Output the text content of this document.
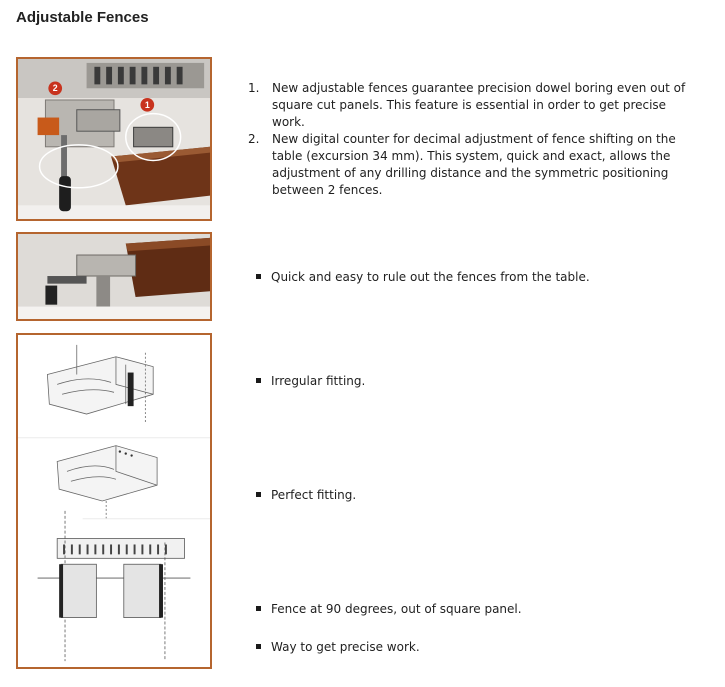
Adjustable Fences
2
1
1. New adjustable fences guarantee precision dowel boring even out of square cut panels. This feature is essential in order to get precise work.
2. New digital counter for decimal adjustment of fence shifting on the table (excursion 34 mm). This system, quick and exact, allows the adjustment of any drilling distance and the symmetric positioning between 2 fences.
Quick and easy to rule out the fences from the table.
Irregular fitting.
Perfect fitting.
Fence at 90 degrees, out of square panel.
Way to get precise work.
